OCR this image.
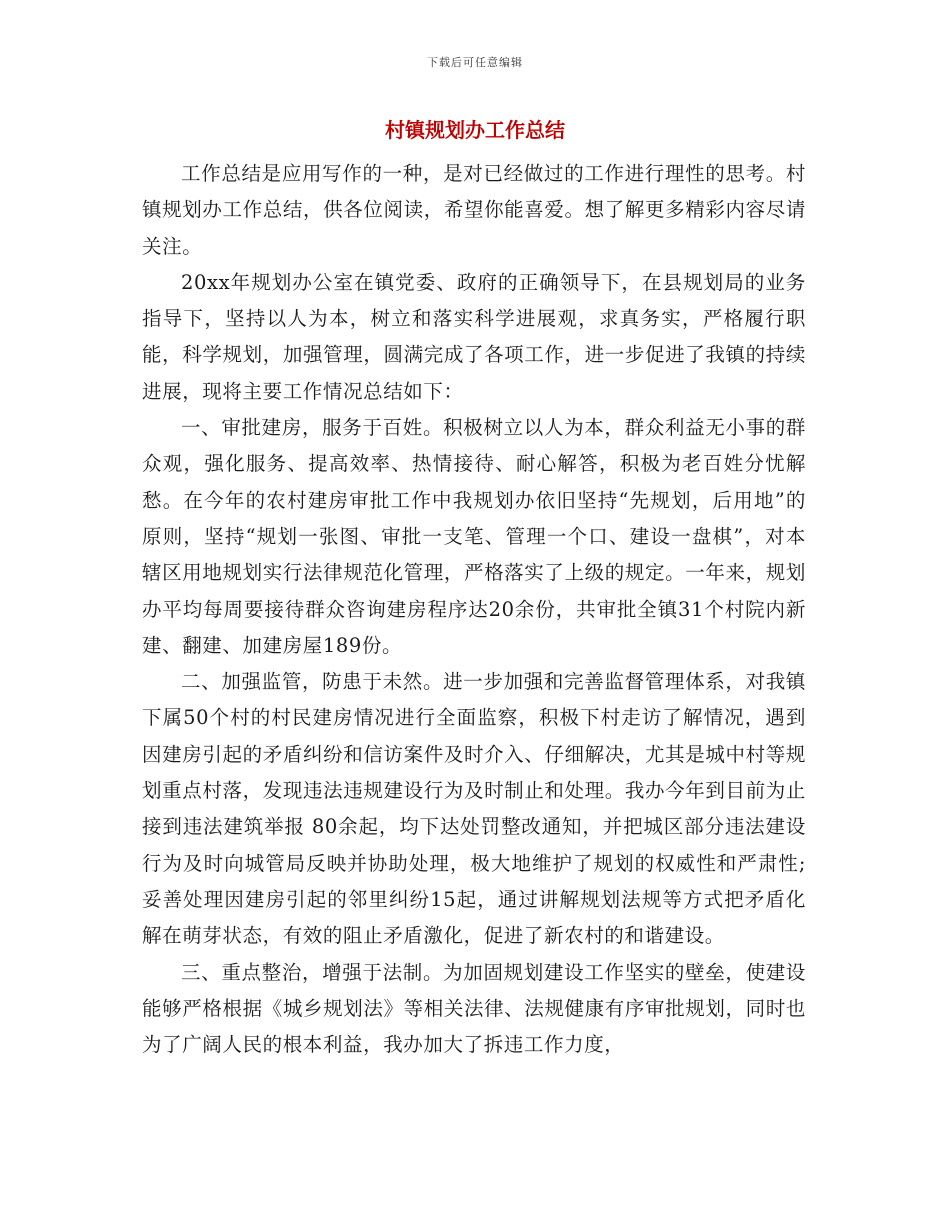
下载后可任意编辑
村镇规划办工作总结

工作总结是应用写作的一种，是对已经做过的工作进行理性的思考。村镇规划办工作总结，供各位阅读，希望你能喜爱。想了解更多精彩内容尽请关注。

20xx年规划办公室在镇党委、政府的正确领导下，在县规划局的业务指导下，坚持以人为本，树立和落实科学进展观，求真务实，严格履行职能，科学规划，加强管理，圆满完成了各项工作，进一步促进了我镇的持续进展，现将主要工作情况总结如下：

一、审批建房，服务于百姓。积极树立以人为本，群众利益无小事的群众观，强化服务、提高效率、热情接待、耐心解答，积极为老百姓分忧解愁。在今年的农村建房审批工作中我规划办依旧坚持“先规划，后用地”的原则，坚持“规划一张图、审批一支笔、管理一个口、建设一盘棋”，对本辖区用地规划实行法律规范化管理，严格落实了上级的规定。一年来，规划办平均每周要接待群众咨询建房程序达20余份，共审批全镇31个村院内新建、翻建、加建房屋189份。

二、加强监管，防患于未然。进一步加强和完善监督管理体系，对我镇下属50个村的村民建房情况进行全面监察，积极下村走访了解情况，遇到因建房引起的矛盾纠纷和信访案件及时介入、仔细解决，尤其是城中村等规划重点村落，发现违法违规建设行为及时制止和处理。我办今年到目前为止接到违法建筑举报 80余起，均下达处罚整改通知，并把城区部分违法建设行为及时向城管局反映并协助处理，极大地维护了规划的权威性和严肃性;妥善处理因建房引起的邻里纠纷15起，通过讲解规划法规等方式把矛盾化解在萌芽状态，有效的阻止矛盾激化，促进了新农村的和谐建设。

三、重点整治，增强于法制。为加固规划建设工作坚实的壁垒，使建设能够严格根据《城乡规划法》等相关法律、法规健康有序审批规划，同时也为了广阔人民的根本利益，我办加大了拆违工作力度，
